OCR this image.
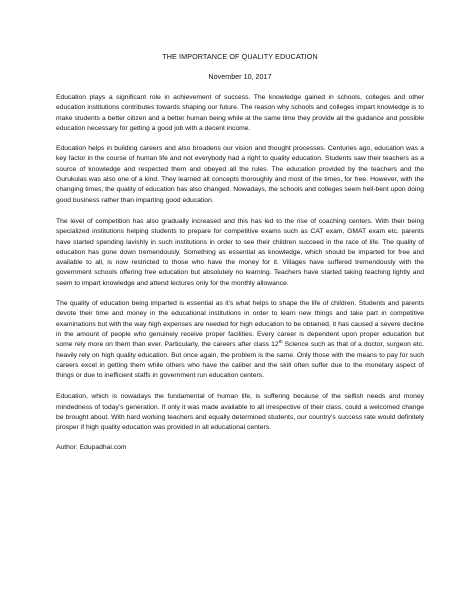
THE IMPORTANCE OF QUALITY EDUCATION

November 10, 2017

Education plays a significant role in achievement of success. The knowledge gained in schools, colleges and other education institutions contributes towards shaping our future. The reason why schools and colleges impart knowledge is to make students a better citizen and a better human being while at the same time they provide all the guidance and possible education necessary for getting a good job with a decent income.

Education helps in building careers and also broadens our vision and thought processes. Centuries ago, education was a key factor in the course of human life and not everybody had a right to quality education. Students saw their teachers as a source of knowledge and respected them and obeyed all the rules. The education provided by the teachers and the Gurukulas was also one of a kind. They learned all concepts thoroughly and most of the times, for free. However, with the changing times, the quality of education has also changed. Nowadays, the schools and colleges seem hell-bent upon doing good business rather than imparting good education.

The level of competition has also gradually increased and this has led to the rise of coaching centers. With their being specialized institutions helping students to prepare for competitive exams such as CAT exam, GMAT exam etc. parents have started spending lavishly in such institutions in order to see their children succeed in the race of life. The quality of education has gone down tremendously. Something as essential as knowledge, which should be imparted for free and available to all, is now restricted to those who have the money for it. Villages have suffered tremendously with the government schools offering free education but absolutely no learning. Teachers have started taking teaching lightly and seem to impart knowledge and attend lectures only for the monthly allowance.

The quality of education being imparted is essential as it’s what helps to shape the life of children. Students and parents devote their time and money in the educational institutions in order to learn new things and take part in competitive examinations but with the way high expenses are needed for high education to be obtained, it has caused a severe decline in the amount of people who genuinely receive proper facilities. Every career is dependent upon proper education but some rely more on them than ever. Particularly, the careers after class 12th Science such as that of a doctor, surgeon etc. heavily rely on high quality education. But once again, the problem is the same. Only those with the means to pay for such careers excel in getting them while others who have the caliber and the skill often suffer due to the monetary aspect of things or due to inefficient staffs in government run education centers.

Education, which is nowadays the fundamental of human life, is suffering because of the selfish needs and money mindedness of today’s generation. If only it was made available to all irrespective of their class, could a welcomed change be brought about. With hard working teachers and equally determined students, our country’s success rate would definitely prosper if high quality education was provided in all educational centers.

Author: Edupadhai.com
